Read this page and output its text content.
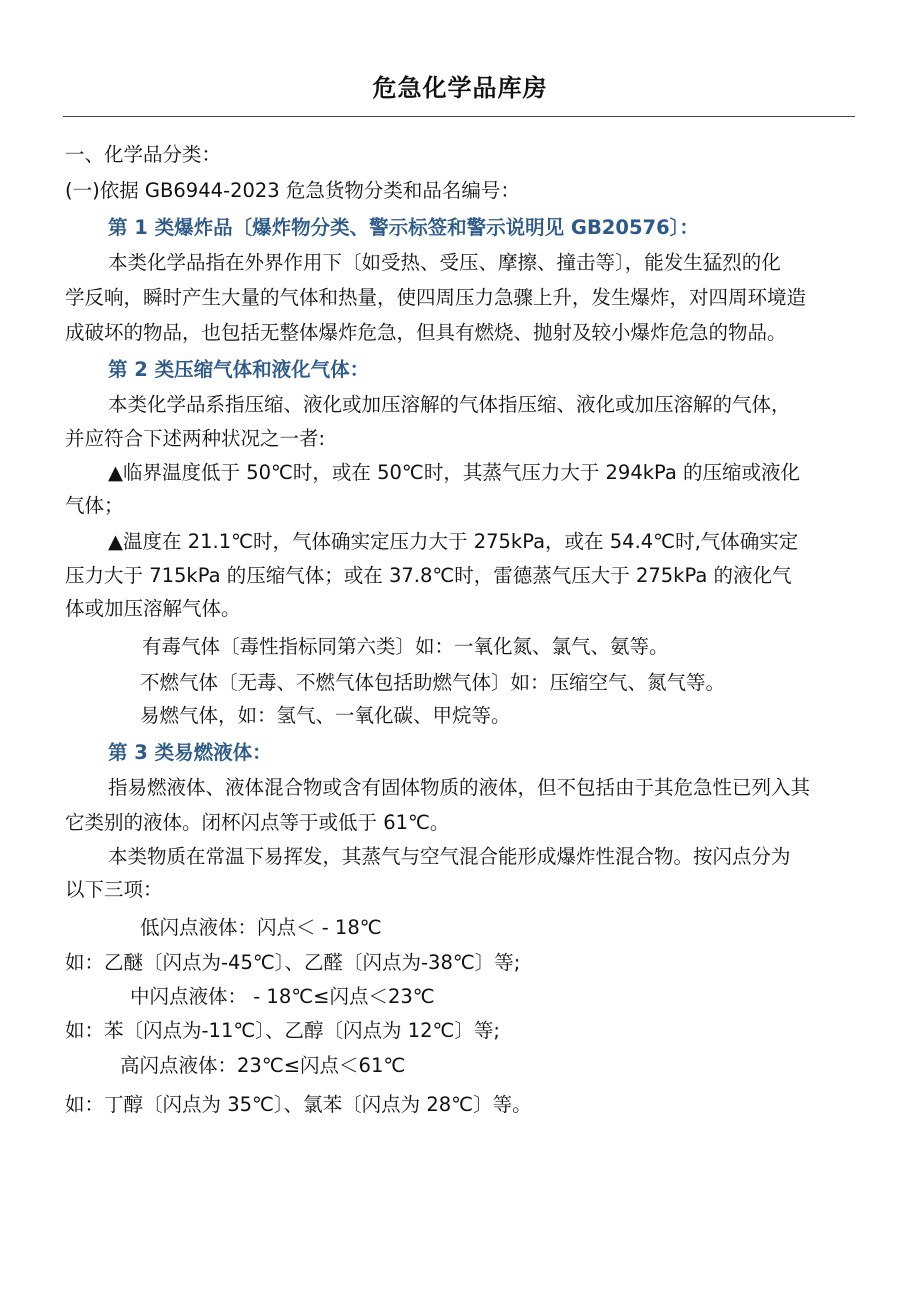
危急化学品库房
一、化学品分类：
(一)依据 GB6944-2023 危急货物分类和品名编号：
第 1 类爆炸品〔爆炸物分类、警示标签和警示说明见 GB20576〕：
本类化学品指在外界作用下〔如受热、受压、摩擦、撞击等〕，能发生猛烈的化
学反响，瞬时产生大量的气体和热量，使四周压力急骤上升，发生爆炸，对四周环境造
成破坏的物品，也包括无整体爆炸危急，但具有燃烧、抛射及较小爆炸危急的物品。
第 2 类压缩气体和液化气体：
本类化学品系指压缩、液化或加压溶解的气体指压缩、液化或加压溶解的气体，
并应符合下述两种状况之一者:
▲临界温度低于 50℃时，或在 50℃时，其蒸气压力大于 294kPa 的压缩或液化
气体；
▲温度在 21.1℃时，气体确实定压力大于 275kPa，或在 54.4℃时,气体确实定
压力大于 715kPa 的压缩气体；或在 37.8℃时，雷德蒸气压大于 275kPa 的液化气
体或加压溶解气体。
有毒气体〔毒性指标同第六类〕如：一氧化氮、氯气、氨等。
不燃气体〔无毒、不燃气体包括助燃气体〕如：压缩空气、氮气等。
易燃气体，如：氢气、一氧化碳、甲烷等。
第 3 类易燃液体：
指易燃液体、液体混合物或含有固体物质的液体，但不包括由于其危急性已列入其
它类别的液体。闭杯闪点等于或低于 61℃。
本类物质在常温下易挥发，其蒸气与空气混合能形成爆炸性混合物。按闪点分为
以下三项：
低闪点液体：闪点＜ - 18℃
如：乙醚〔闪点为-45℃〕、乙醛〔闪点为-38℃〕等;
中闪点液体： - 18℃≤闪点＜23℃
如：苯〔闪点为-11℃〕、乙醇〔闪点为 12℃〕等;
高闪点液体：23℃≤闪点＜61℃
如：丁醇〔闪点为 35℃〕、氯苯〔闪点为 28℃〕等。
